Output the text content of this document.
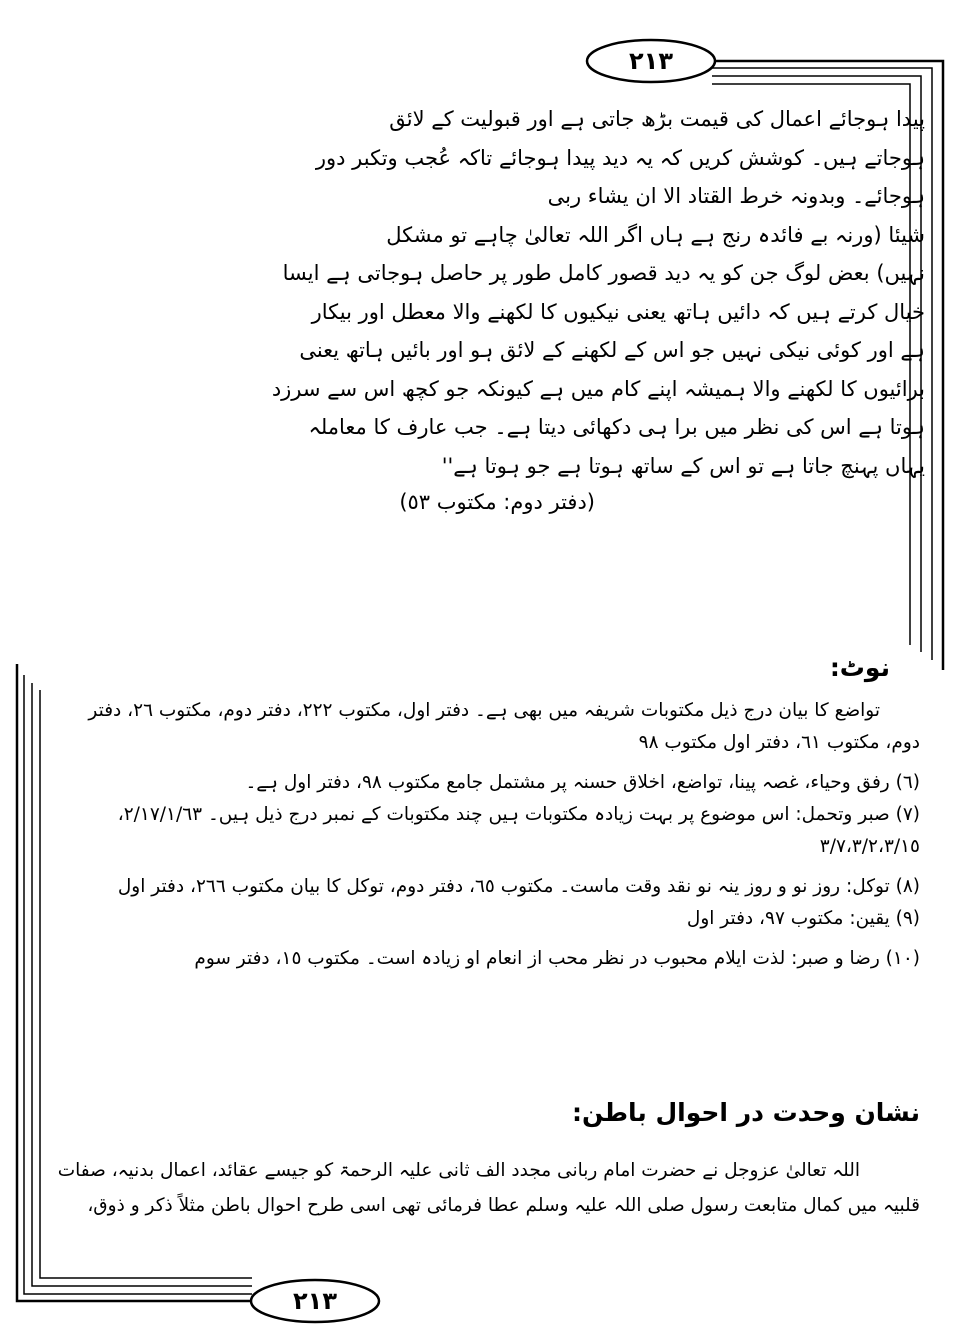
٢١٣
پیدا ہوجائے اعمال کی قیمت بڑھ جاتی ہے اور قبولیت کے لائق
ہوجاتے ہیں۔ کوشش کریں کہ یہ دید پیدا ہوجائے تاکہ عُجب وتکبر دور
ہوجائے۔ وبدونہ خرط القتاد الا ان یشاء ربی
شیئا (ورنہ بے فائدہ رنج ہے ہاں اگر اللہ تعالیٰ چاہے تو مشکل
نہیں) بعض لوگ جن کو یہ دید قصور کامل طور پر حاصل ہوجاتی ہے ایسا
خیال کرتے ہیں کہ دائیں ہاتھ یعنی نیکیوں کا لکھنے والا معطل اور بیکار
ہے اور کوئی نیکی نہیں جو اس کے لکھنے کے لائق ہو اور بائیں ہاتھ یعنی
برائیوں کا لکھنے والا ہمیشہ اپنے کام میں ہے کیونکہ جو کچھ اس سے سرزد
ہوتا ہے اس کی نظر میں برا ہی دکھائی دیتا ہے۔ جب عارف کا معاملہ
یہاں پہنچ جاتا ہے تو اس کے ساتھ ہوتا ہے جو ہوتا ہے''
(دفتر دوم: مکتوب ٥٣)
نوٹ:

تواضع کا بیان درج ذیل مکتوبات شریفہ میں بھی ہے۔ دفتر اول، مکتوب ٢٢٢، دفتر دوم، مکتوب ٢٦، دفتر

دوم، مکتوب ٦١، دفتر اول مکتوب ٩٨

(٦) رفق وحیاء، غصہ پینا، تواضع، اخلاق حسنہ پر مشتمل جامع مکتوب ٩٨، دفتر اول ہے۔

(٧) صبر وتحمل: اس موضوع پر بہت زیادہ مکتوبات ہیں چند مکتوبات کے نمبر درج ذیل ہیں۔ ٢/١٧/١/٦٣،

٣/٧،٣/٢،٣/١٥

(٨) توکل: روز نو و روز ینہ نو نقد وقت ماست۔ مکتوب ٦٥، دفتر دوم، توکل کا بیان مکتوب ٢٦٦، دفتر اول

(٩) یقین: مکتوب ٩٧، دفتر اول

(١٠) رضا و صبر: لذت ایلام محبوب در نظر محب از انعام او زیادہ است۔ مکتوب ١٥، دفتر سوم

نشان وحدت در احوال باطن:

اللہ تعالیٰ عزوجل نے حضرت امام ربانی مجدد الف ثانی علیہ الرحمۃ کو جیسے عقائد، اعمال بدنیہ، صفات

قلبیہ میں کمال متابعت رسول صلی اللہ علیہ وسلم عطا فرمائی تھی اسی طرح احوال باطن مثلاً ذکر و ذوق،

٢١٣
